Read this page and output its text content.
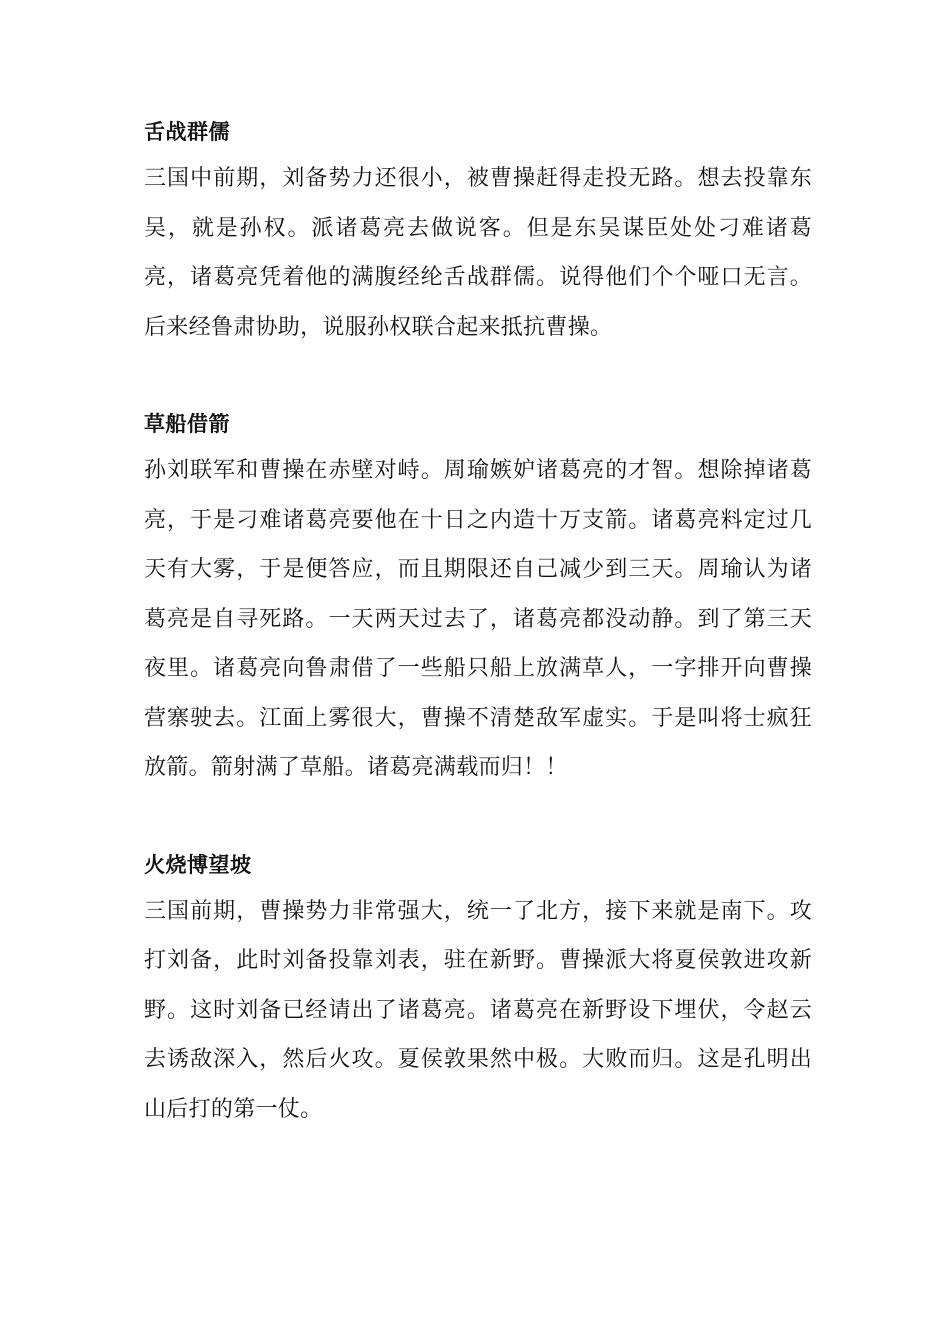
舌战群儒

三国中前期，刘备势力还很小，被曹操赶得走投无路。想去投靠东吴，就是孙权。派诸葛亮去做说客。但是东吴谋臣处处刁难诸葛亮，诸葛亮凭着他的满腹经纶舌战群儒。说得他们个个哑口无言。后来经鲁肃协助，说服孙权联合起来抵抗曹操。

草船借箭

孙刘联军和曹操在赤壁对峙。周瑜嫉妒诸葛亮的才智。想除掉诸葛亮，于是刁难诸葛亮要他在十日之内造十万支箭。诸葛亮料定过几天有大雾，于是便答应，而且期限还自己减少到三天。周瑜认为诸葛亮是自寻死路。一天两天过去了，诸葛亮都没动静。到了第三天夜里。诸葛亮向鲁肃借了一些船只船上放满草人，一字排开向曹操营寨驶去。江面上雾很大，曹操不清楚敌军虚实。于是叫将士疯狂放箭。箭射满了草船。诸葛亮满载而归！！

火烧博望坡

三国前期，曹操势力非常强大，统一了北方，接下来就是南下。攻打刘备，此时刘备投靠刘表，驻在新野。曹操派大将夏侯敦进攻新野。这时刘备已经请出了诸葛亮。诸葛亮在新野设下埋伏，令赵云去诱敌深入，然后火攻。夏侯敦果然中极。大败而归。这是孔明出山后打的第一仗。
